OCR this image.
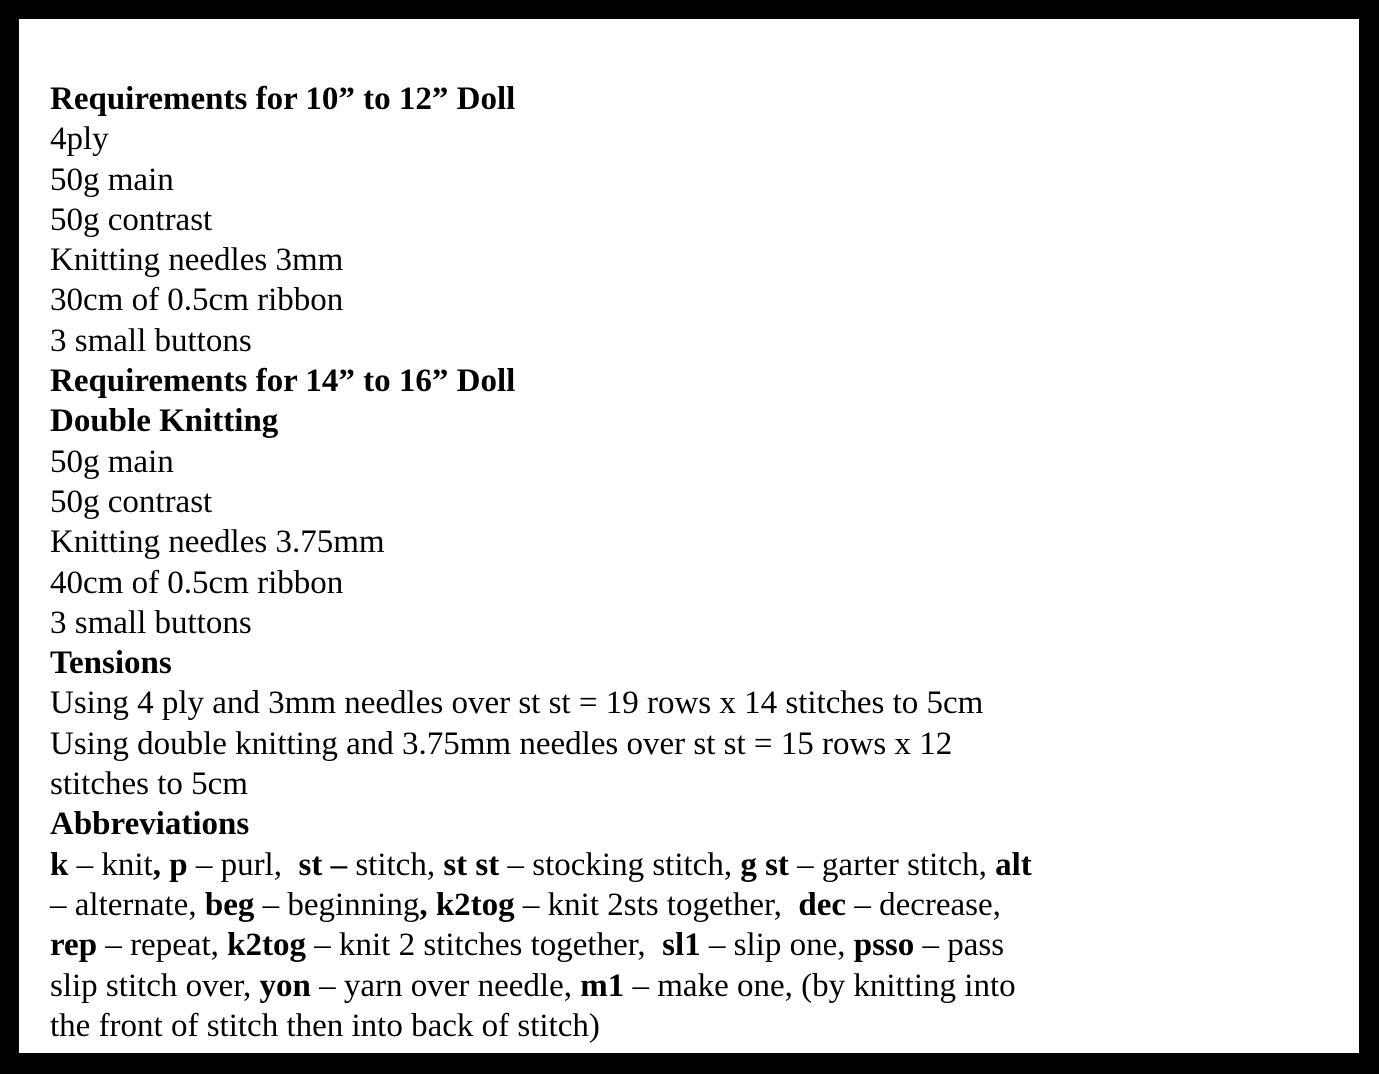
Requirements for 10” to 12” Doll
4ply
50g main
50g contrast
Knitting needles 3mm
30cm of 0.5cm ribbon
3 small buttons
Requirements for 14” to 16” Doll
Double Knitting
50g main
50g contrast
Knitting needles 3.75mm
40cm of 0.5cm ribbon
3 small buttons
Tensions
Using 4 ply and 3mm needles over st st = 19 rows x 14 stitches to 5cm
Using double knitting and 3.75mm needles over st st = 15 rows x 12
stitches to 5cm
Abbreviations
k – knit, p – purl,  st – stitch, st st – stocking stitch, g st – garter stitch, alt
– alternate, beg – beginning, k2tog – knit 2sts together,  dec – decrease,
rep – repeat, k2tog – knit 2 stitches together,  sl1 – slip one, psso – pass
slip stitch over, yon – yarn over needle, m1 – make one, (by knitting into
the front of stitch then into back of stitch)
